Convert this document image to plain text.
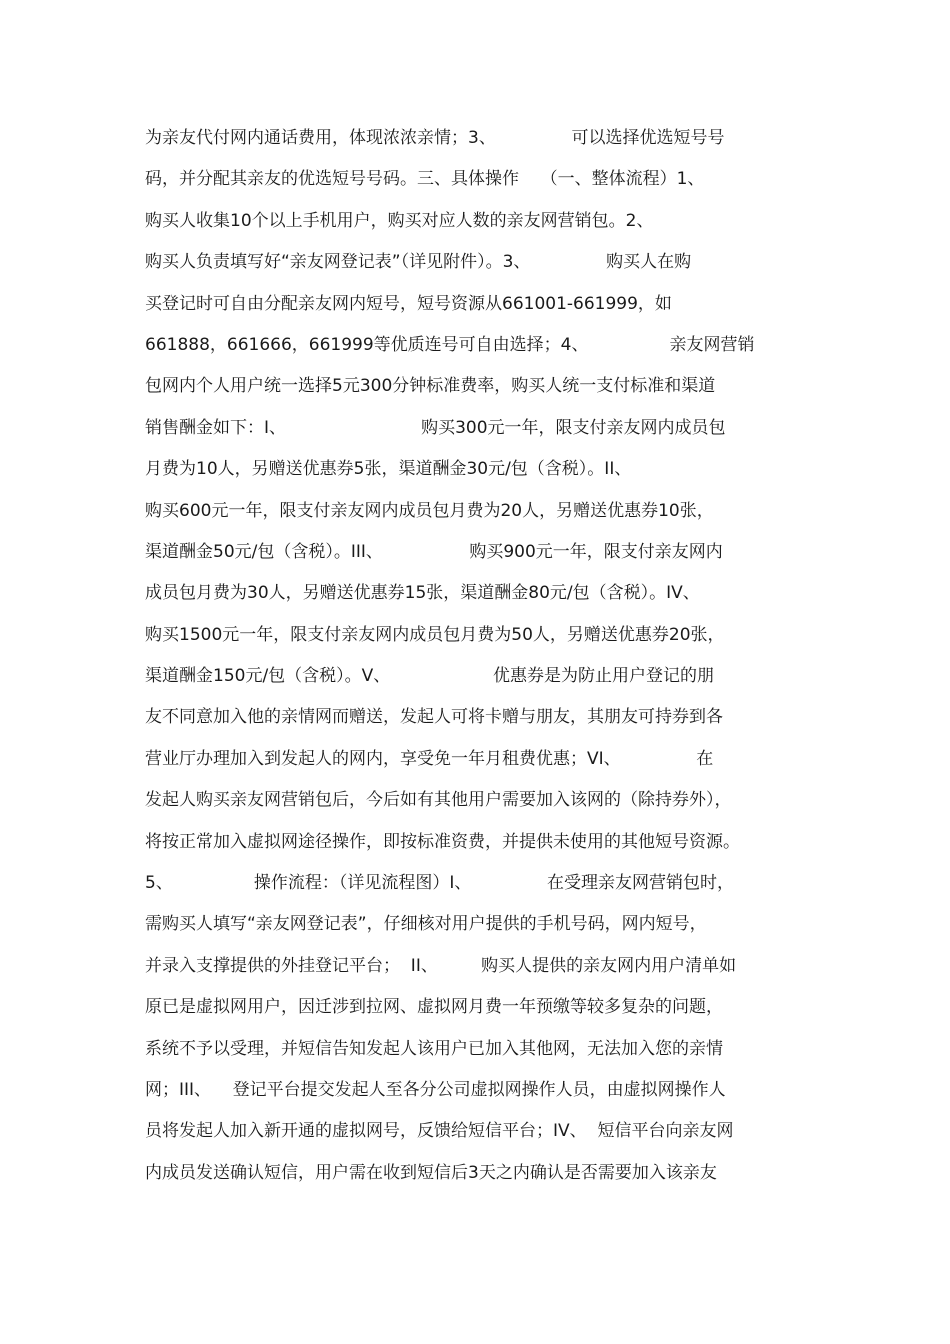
为亲友代付网内通话费用，体现浓浓亲情；3、              可以选择优选短号号
码，并分配其亲友的优选短号号码。三、具体操作    （一、整体流程）1、
购买人收集10个以上手机用户，购买对应人数的亲友网营销包。2、
购买人负责填写好“亲友网登记表”（详见附件）。3、              购买人在购
买登记时可自由分配亲友网内短号，短号资源从661001-661999，如
661888，661666，661999等优质连号可自由选择；4、               亲友网营销
包网内个人用户统一选择5元300分钟标准费率，购买人统一支付标准和渠道
销售酬金如下：I、                         购买300元一年，限支付亲友网内成员包
月费为10人，另赠送优惠券5张，渠道酬金30元/包（含税）。II、
购买600元一年，限支付亲友网内成员包月费为20人，另赠送优惠券10张，
渠道酬金50元/包（含税）。III、                购买900元一年，限支付亲友网内
成员包月费为30人，另赠送优惠券15张，渠道酬金80元/包（含税）。IV、
购买1500元一年，限支付亲友网内成员包月费为50人，另赠送优惠券20张，
渠道酬金150元/包（含税）。V、                   优惠券是为防止用户登记的朋
友不同意加入他的亲情网而赠送，发起人可将卡赠与朋友，其朋友可持券到各
营业厅办理加入到发起人的网内，享受免一年月租费优惠；VI、              在
发起人购买亲友网营销包后，今后如有其他用户需要加入该网的（除持券外），
将按正常加入虚拟网途径操作，即按标准资费，并提供未使用的其他短号资源。
5、               操作流程：（详见流程图）I、              在受理亲友网营销包时，
需购买人填写“亲友网登记表”，仔细核对用户提供的手机号码，网内短号，
并录入支撑提供的外挂登记平台；  II、        购买人提供的亲友网内用户清单如
原已是虚拟网用户，因迁涉到拉网、虚拟网月费一年预缴等较多复杂的问题，
系统不予以受理，并短信告知发起人该用户已加入其他网，无法加入您的亲情
网；III、    登记平台提交发起人至各分公司虚拟网操作人员，由虚拟网操作人
员将发起人加入新开通的虚拟网号，反馈给短信平台；IV、  短信平台向亲友网
内成员发送确认短信，用户需在收到短信后3天之内确认是否需要加入该亲友
